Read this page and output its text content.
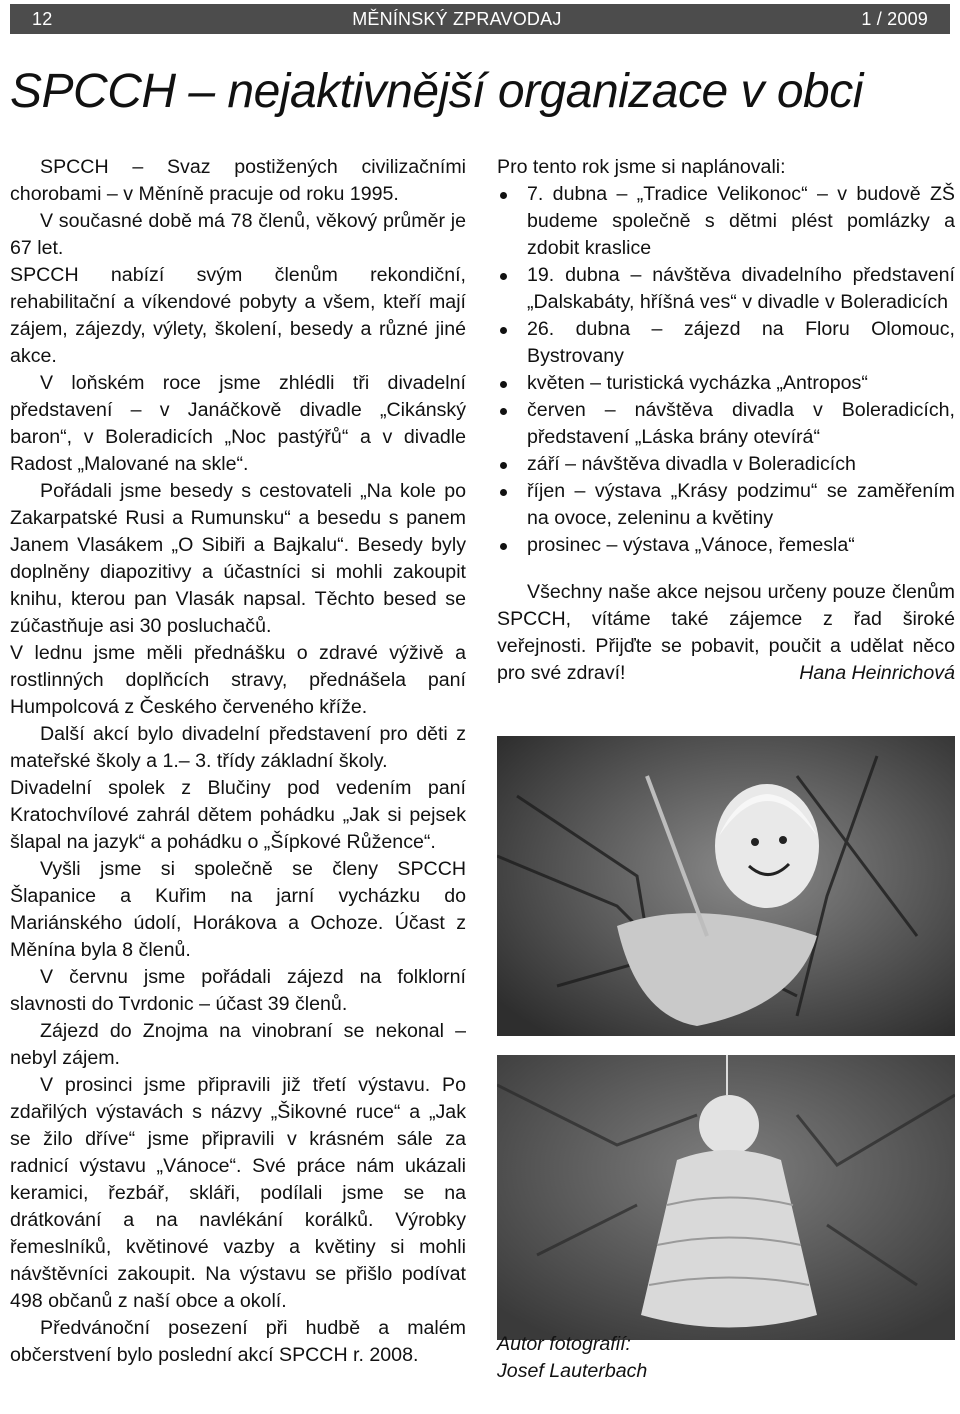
12	MĚNÍNSKÝ ZPRAVODAJ	1 / 2009
SPCCH – nejaktivnější organizace v obci

SPCCH – Svaz postižených civilizačními chorobami – v Měníně pracuje od roku 1995.

V současné době má 78 členů, věkový průměr je 67 let.

SPCCH nabízí svým členům rekondiční, rehabilitační a víkendové pobyty a všem, kteří mají zájem, zájezdy, výlety, školení, besedy a různé jiné akce.

V loňském roce jsme zhlédli tři divadelní představení – v Janáčkově divadle „Cikánský baron“, v Boleradicích „Noc pastýřů“ a v divadle Radost „Malované na skle“.

Pořádali jsme besedy s cestovateli „Na kole po Zakarpatské Rusi a Rumunsku“ a besedu s panem Janem Vlasákem „O Sibiři a Bajkalu“. Besedy byly doplněny diapozitivy a účastníci si mohli zakoupit knihu, kterou pan Vlasák napsal. Těchto besed se zúčastňuje asi 30 posluchačů.

V lednu jsme měli přednášku o zdravé výživě a rostlinných doplňcích stravy, přednášela paní Humpolcová z Českého červeného kříže.

Další akcí bylo divadelní představení pro děti z mateřské školy a 1.– 3. třídy základní školy.

Divadelní spolek z Blučiny pod vedením paní Kratochvílové zahrál dětem pohádku „Jak si pejsek šlapal na jazyk“ a pohádku o „Šípkové Růžence“.

Vyšli jsme si společně se členy SPCCH Šlapanice a Kuřim na jarní vycházku do Mariánského údolí, Horákova a Ochoze. Účast z Měnína byla 8 členů.

V červnu jsme pořádali zájezd na folklorní slavnosti do Tvrdonic – účast 39 členů.

Zájezd do Znojma na vinobraní se nekonal – nebyl zájem.

V prosinci jsme připravili již třetí výstavu. Po zdařilých výstavách s názvy „Šikovné ruce“ a „Jak se žilo dříve“ jsme připravili v krásném sále za radnicí výstavu „Vánoce“. Své práce nám ukázali keramici, řezbář, skláři, podílali jsme se na drátkování a na navlékání korálků. Výrobky řemeslníků, květinové vazby a květiny si mohli návštěvníci zakoupit. Na výstavu se přišlo podívat 498 občanů z naší obce a okolí.

Předvánoční posezení při hudbě a malém občerstvení bylo poslední akcí SPCCH r. 2008.

Pro tento rok jsme si naplánovali:

7. dubna – „Tradice Velikonoc“ – v budově ZŠ budeme společně s dětmi plést pomlázky a zdobit kraslice
19. dubna – návštěva divadelního představení „Dalskabáty, hříšná ves“ v divadle v Boleradicích
26. dubna – zájezd na Floru Olomouc, Bystrovany
květen – turistická vycházka „Antropos“
červen – návštěva divadla v Boleradicích, představení „Láska brány otevírá“
září – návštěva divadla v Boleradicích
říjen – výstava „Krásy podzimu“ se zaměřením na ovoce, zeleninu a květiny
prosinec – výstava „Vánoce, řemesla“

Všechny naše akce nejsou určeny pouze členům SPCCH, vítáme také zájemce z řad široké veřejnosti. Přijďte se pobavit, poučit a udělat něco pro své zdraví!	Hana Heinrichová

Autor fotografií:
Josef Lauterbach
